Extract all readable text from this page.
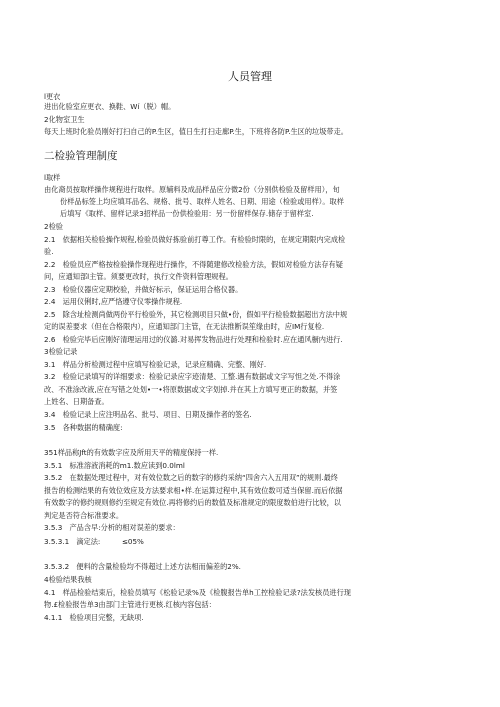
人员管理
l更衣
进出化验室应更衣、换鞋、Wí（脱）帽。
2化物室卫生
每天上班时化验员刚好打扫自己的P.生区，值日生打扫走廊P.生，下班将各防P.生区的垃圾带走。
二检验管理制度
l取样
由化裔员按取样操作规程进行取样。原辅料及成品样品应分微2份（分别供检验及留样用），旬
份样品标签上均应填耳品名、规格、批号、取样人姓名、日期、用途（检验或用样）。取样
后填写《取样、留样记录3招样品一份供检验用：另一份留样保存.储存于留样室.
2检验
2.1　依据相关检验操作规程,检验员做好拣验前打尊工作。有检验时限的，在规定期限内完成检
验.
2.2　检验员应严格按检验操作现程进行操作，不得随建修改检验方法，假如对检验方法存有疑
问，应通知部l主管。须要更改时，执行文件资料管理规程。
2.3　检验仪器应定期校验，并做好标示，保证运用合格仪器。
2.4　运用仪俐时,应严恪遵守仪零操作规程.
2.5　除含址检测尚做两份平行检验外，其它检测项目只做•份，假如平行检验数据超出方法中规
定的误差要求（但在合格限内），应通知部门主管，在无法推断误笙缘由时，应IM行复检.
2.6　检验完毕后应刚好清理运用过的仪潞.对易挥发物品进行处理和检验时.应在通风橱内进行.
3检验记录
3.1　样品分析检测过程中应填写检验记录，记录应精确、完整、刚好.
3.2　检验记录填写的详细要求：检验记录应字迹清楚、工整.遇有数据或文字写怛之处.不得涂
改、不准涂改液,应在写错之处划•一•将原数据或文字划掉.并在其上方填写更正的数据，并签
上姓名、日期备查。
3.4　检验记录上应注明品名、批号、项目、日期及操作者的签名.
3.5　各种数据的精确度:
351样品称Jft的有效数字应及所用天平的精度保持一样.
3.5.1　标准溶液消耗的m1.数应读到0.0lml
3.5.2　在数据处理过程中，对有效位数之后的数字的修约采纳“四舍六入五用双”的规则.最终
报告的检测结果的有效位效应及方法要求相•样.在运算过程中,其有效位数可适当保留.而后依据
有效数字的修约规则修约至规定有效位.再将修约后的数值及标准规定的限度数伯进行比较，以
判定是否符合标准要求。
3.5.3　产品含早:分析的相对误差的要求：
3.5.3.1　滴定法:　　　≤05%
3.5.3.2　便料的含量检验均不得超过上述方法相而偏差的2%.
4检验结果我核
4.1　样品检验结束后，检验员填写《松验记录%及《检腹报告单h工控检验记录?法发核员进行现
物.£检验报告单3由部门主管进行更核.红核内容包括：
4.1.1　检验项目完整，无缺项.
